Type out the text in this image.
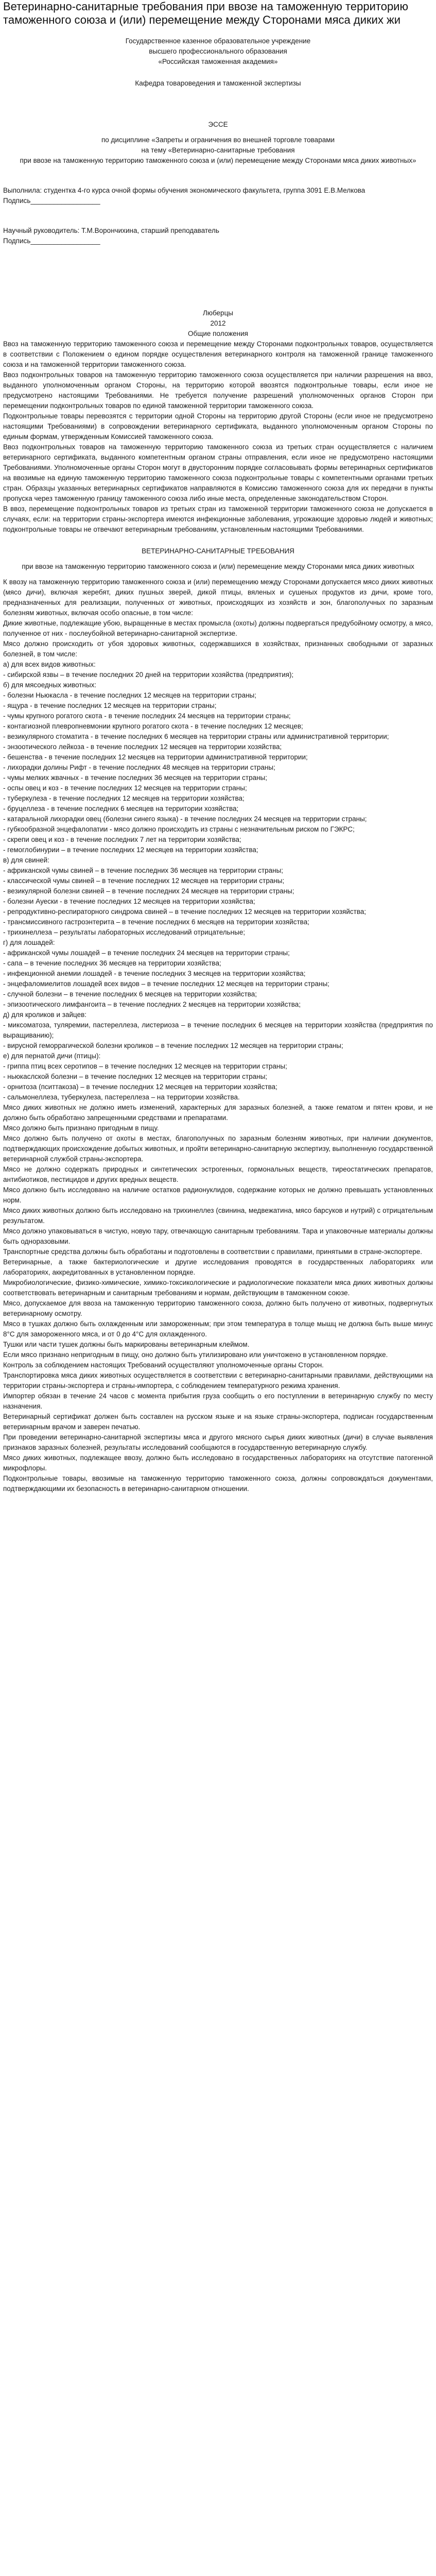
Ветеринарно-санитарные требования при ввозе на таможенную территорию таможенного союза и (или) перемещение между Сторонами мяса диких жи
Государственное казенное образовательное учреждение
высшего профессионального образования
«Российская таможенная академия»
Кафедра товароведения и таможенной экспертизы
ЭССЕ
по дисциплине «Запреты и ограничения во внешней торговле товарами
на тему «Ветеринарно-санитарные требования
при ввозе на таможенную территорию таможенного союза и (или) перемещение между Сторонами мяса диких животных»
Выполнила: студентка 4-го курса очной формы обучения экономического факультета, группа 3091 Е.В.Мелкова
Подпись__________________
Научный руководитель: Т.М.Ворончихина, старший преподаватель
Подпись__________________
Люберцы
2012
Общие положения

Ввоз на таможенную территорию таможенного союза и перемещение между Сторонами подконтрольных товаров, осуществляется в соответствии с Положением о едином порядке осуществления ветеринарного контроля на таможенной границе таможенного союза и на таможенной территории таможенного союза.

Ввоз подконтрольных товаров на таможенную территорию таможенного союза осуществляется при наличии разрешения на ввоз, выданного уполномоченным органом Стороны, на территорию которой ввозятся подконтрольные товары, если иное не предусмотрено настоящими Требованиями. Не требуется получение разрешений уполномоченных органов Сторон при перемещении подконтрольных товаров по единой таможенной территории таможенного союза.

Подконтрольные товары перевозятся с территории одной Стороны на территорию другой Стороны (если иное не предусмотрено настоящими Требованиями) в сопровождении ветеринарного сертификата, выданного уполномоченным органом Стороны по единым формам, утвержденным Комиссией таможенного союза.

Ввоз подконтрольных товаров на таможенную территорию таможенного союза из третьих стран осуществляется с наличием ветеринарного сертификата, выданного компетентным органом страны отправления, если иное не предусмотрено настоящими Требованиями. Уполномоченные органы Сторон могут в двусторонним порядке согласовывать формы ветеринарных сертификатов на ввозимые на единую таможенную территорию таможенного союза подконтрольные товары с компетентными органами третьих стран. Образцы указанных ветеринарных сертификатов направляются в Комиссию таможенного союза для их передачи в пункты пропуска через таможенную границу таможенного союза либо иные места, определенные законодательством Сторон.

В ввоз, перемещение подконтрольных товаров из третьих стран из таможенной территории таможенного союза не допускается в случаях, если: на территории страны-экспортера имеются инфекционные заболевания, угрожающие здоровью людей и животных; подконтрольные товары не отвечают ветеринарным требованиям, установленным настоящими Требованиями.

ВЕТЕРИНАРНО-САНИТАРНЫЕ ТРЕБОВАНИЯ
при ввозе на таможенную территорию таможенного союза и (или) перемещение между Сторонами мяса диких животных

К ввозу на таможенную территорию таможенного союза и (или) перемещению между Сторонами допускается мясо диких животных (мясо дичи), включая жеребят, диких пушных зверей, дикой птицы, вяленых и сушеных продуктов из дичи, кроме того, предназначенных для реализации, полученных от животных, происходящих из хозяйств и зон, благополучных по заразным болезням животных, включая особо опасные, в том числе:

Дикие животные, подлежащие убою, выращенные в местах промысла (охоты) должны подвергаться предубойному осмотру, а мясо, полученное от них - послеубойной ветеринарно-санитарной экспертизе.

Мясо должно происходить от убоя здоровых животных, содержавшихся в хозяйствах, признанных свободными от заразных болезней, в том числе:

а) для всех видов животных:

- сибирской язвы – в течение последних 20 дней на территории хозяйства (предприятия);

б) для мясоедных животных:

- болезни Ньюкасла - в течение последних 12 месяцев на территории страны;

- ящура - в течение последних 12 месяцев на территории страны;

- чумы крупного рогатого скота - в течение последних 24 месяцев на территории страны;

- контагиозной плевропневмонии крупного рогатого скота - в течение последних 12 месяцев;

- везикулярного стоматита - в течение последних 6 месяцев на территории страны или административной территории;

- энзоотического лейкоза - в течение последних 12 месяцев на территории хозяйства;

- бешенства - в течение последних 12 месяцев на территории административной территории;

- лихорадки долины Рифт - в течение последних 48 месяцев на территории страны;

- чумы мелких жвачных - в течение последних 36 месяцев на территории страны;

- оспы овец и коз - в течение последних 12 месяцев на территории страны;

- туберкулеза - в течение последних 12 месяцев на территории хозяйства;

- бруцеллеза - в течение последних 6 месяцев на территории хозяйства;

- катаральной лихорадки овец (болезни синего языка) - в течение последних 24 месяцев на территории страны;

- губкообразной энцефалопатии - мясо должно происходить из страны с незначительным риском по ГЭКРС;

- скрепи овец и коз - в течение последних 7 лет на территории хозяйства;

- гемоглобинурии – в течение последних 12 месяцев на территории хозяйства;

в) для свиней:

- африканской чумы свиней – в течение последних 36 месяцев на территории страны;

- классической чумы свиней – в течение последних 12 месяцев на территории страны;

- везикулярной болезни свиней – в течение последних 24 месяцев на территории страны;

- болезни Ауески - в течение последних 12 месяцев на территории хозяйства;

- репродуктивно-респираторного синдрома свиней – в течение последних 12 месяцев на территории хозяйства;

- трансмиссивного гастроэнтерита – в течение последних 6 месяцев на территории хозяйства;

- трихинеллеза – результаты лабораторных исследований отрицательные;

г) для лошадей:

- африканской чумы лошадей – в течение последних 24 месяцев на территории страны;

- сапа – в течение последних 36 месяцев на территории хозяйства;

- инфекционной анемии лошадей - в течение последних 3 месяцев на территории хозяйства;

- энцефаломиелитов лошадей всех видов – в течение последних 12 месяцев на территории страны;

- случной болезни – в течение последних 6 месяцев на территории хозяйства;

- эпизоотического лимфангоита – в течение последних 2 месяцев на территории хозяйства;

д) для кроликов и зайцев:

- миксоматоза, туляремии, пастереллеза, листериоза – в течение последних 6 месяцев на территории хозяйства (предприятия по выращиванию);

- вирусной геморрагической болезни кроликов – в течение последних 12 месяцев на территории страны;

е) для пернатой дичи (птицы):

- гриппа птиц всех серотипов – в течение последних 12 месяцев на территории страны;

- ньюкаслской болезни – в течение последних 12 месяцев на территории страны;

- орнитоза (пситтакоза) – в течение последних 12 месяцев на территории хозяйства;

- сальмонеллеза, туберкулеза, пастереллеза – на территории хозяйства.

Мясо диких животных не должно иметь изменений, характерных для заразных болезней, а также гематом и пятен крови, и не должно быть обработано запрещенными средствами и препаратами.

Мясо должно быть признано пригодным в пищу.

Мясо должно быть получено от охоты в местах, благополучных по заразным болезням животных, при наличии документов, подтверждающих происхождение добытых животных, и пройти ветеринарно-санитарную экспертизу, выполненную государственной ветеринарной службой страны-экспортера.

Мясо не должно содержать природных и синтетических эстрогенных, гормональных веществ, тиреостатических препаратов, антибиотиков, пестицидов и других вредных веществ.

Мясо должно быть исследовано на наличие остатков радионуклидов, содержание которых не должно превышать установленных норм.

Мясо диких животных должно быть исследовано на трихинеллез (свинина, медвежатина, мясо барсуков и нутрий) с отрицательным результатом.

Мясо должно упаковываться в чистую, новую тару, отвечающую санитарным требованиям. Тара и упаковочные материалы должны быть одноразовыми.

Транспортные средства должны быть обработаны и подготовлены в соответствии с правилами, принятыми в стране-экспортере.

Ветеринарные, а также бактериологические и другие исследования проводятся в государственных лабораториях или лабораториях, аккредитованных в установленном порядке.

Микробиологические, физико-химические, химико-токсикологические и радиологические показатели мяса диких животных должны соответствовать ветеринарным и санитарным требованиям и нормам, действующим в таможенном союзе.

Мясо, допускаемое для ввоза на таможенную территорию таможенного союза, должно быть получено от животных, подвергнутых ветеринарному осмотру.

Мясо в тушках должно быть охлажденным или замороженным; при этом температура в толще мышц не должна быть выше минус 8°C для замороженного мяса, и от 0 до 4°C для охлажденного.

Тушки или части тушек должны быть маркированы ветеринарным клеймом.

Если мясо признано непригодным в пищу, оно должно быть утилизировано или уничтожено в установленном порядке.

Контроль за соблюдением настоящих Требований осуществляют уполномоченные органы Сторон.

Транспортировка мяса диких животных осуществляется в соответствии с ветеринарно-санитарными правилами, действующими на территории страны-экспортера и страны-импортера, с соблюдением температурного режима хранения.

Импортер обязан в течение 24 часов с момента прибытия груза сообщить о его поступлении в ветеринарную службу по месту назначения.

Ветеринарный сертификат должен быть составлен на русском языке и на языке страны-экспортера, подписан государственным ветеринарным врачом и заверен печатью.

При проведении ветеринарно-санитарной экспертизы мяса и другого мясного сырья диких животных (дичи) в случае выявления признаков заразных болезней, результаты исследований сообщаются в государственную ветеринарную службу.

Мясо диких животных, подлежащее ввозу, должно быть исследовано в государственных лабораториях на отсутствие патогенной микрофлоры.

Подконтрольные товары, ввозимые на таможенную территорию таможенного союза, должны сопровождаться документами, подтверждающими их безопасность в ветеринарно-санитарном отношении.
